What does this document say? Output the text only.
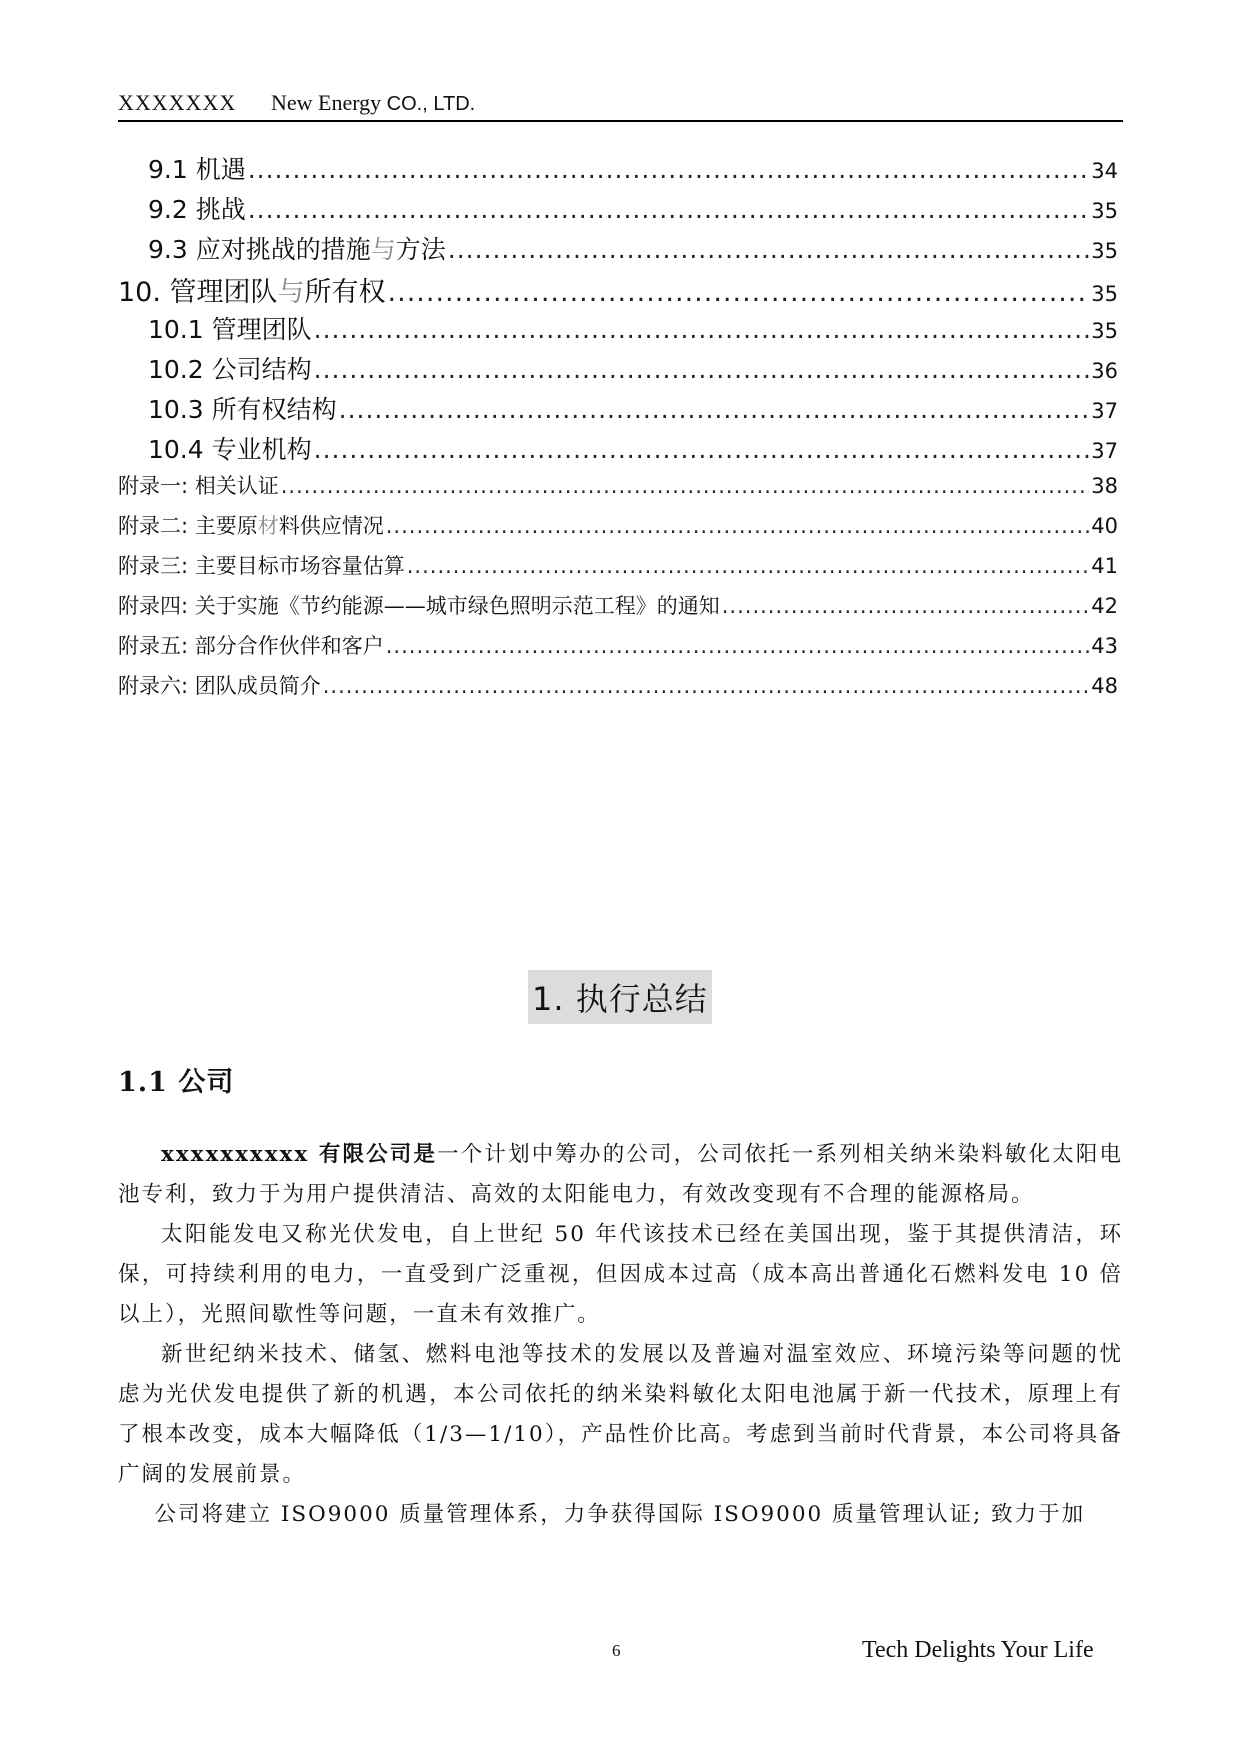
XXXXXXX New Energy CO., LTD.
9.1 机遇 .....	34
9.2 挑战 .....	35
9.3 应对挑战的措施与方法 .....	35
10. 管理团队与所有权 .....	35
10.1 管理团队 .....	35
10.2 公司结构 .....	36
10.3 所有权结构 .....	37
10.4 专业机构 .....	37
附录一: 相关认证 .....	38
附录二: 主要原材料供应情况 .....	40
附录三: 主要目标市场容量估算 .....	41
附录四: 关于实施《节约能源——城市绿色照明示范工程》的通知 .....	42
附录五: 部分合作伙伴和客户 .....	43
附录六: 团队成员简介 .....	48
1. 执行总结
1.1 公司

xxxxxxxxxx 有限公司是一个计划中筹办的公司，公司依托一系列相关纳米染料敏化太阳电池专利，致力于为用户提供清洁、高效的太阳能电力，有效改变现有不合理的能源格局。

太阳能发电又称光伏发电，自上世纪 50 年代该技术已经在美国出现，鉴于其提供清洁，环保，可持续利用的电力，一直受到广泛重视，但因成本过高（成本高出普通化石燃料发电 10 倍以上），光照间歇性等问题，一直未有效推广。

新世纪纳米技术、储氢、燃料电池等技术的发展以及普遍对温室效应、环境污染等问题的忧虑为光伏发电提供了新的机遇，本公司依托的纳米染料敏化太阳电池属于新一代技术，原理上有了根本改变，成本大幅降低（1/3—1/10），产品性价比高。考虑到当前时代背景，本公司将具备广阔的发展前景。

公司将建立 ISO9000 质量管理体系，力争获得国际 ISO9000 质量管理认证; 致力于加

6	Tech Delights Your Life
